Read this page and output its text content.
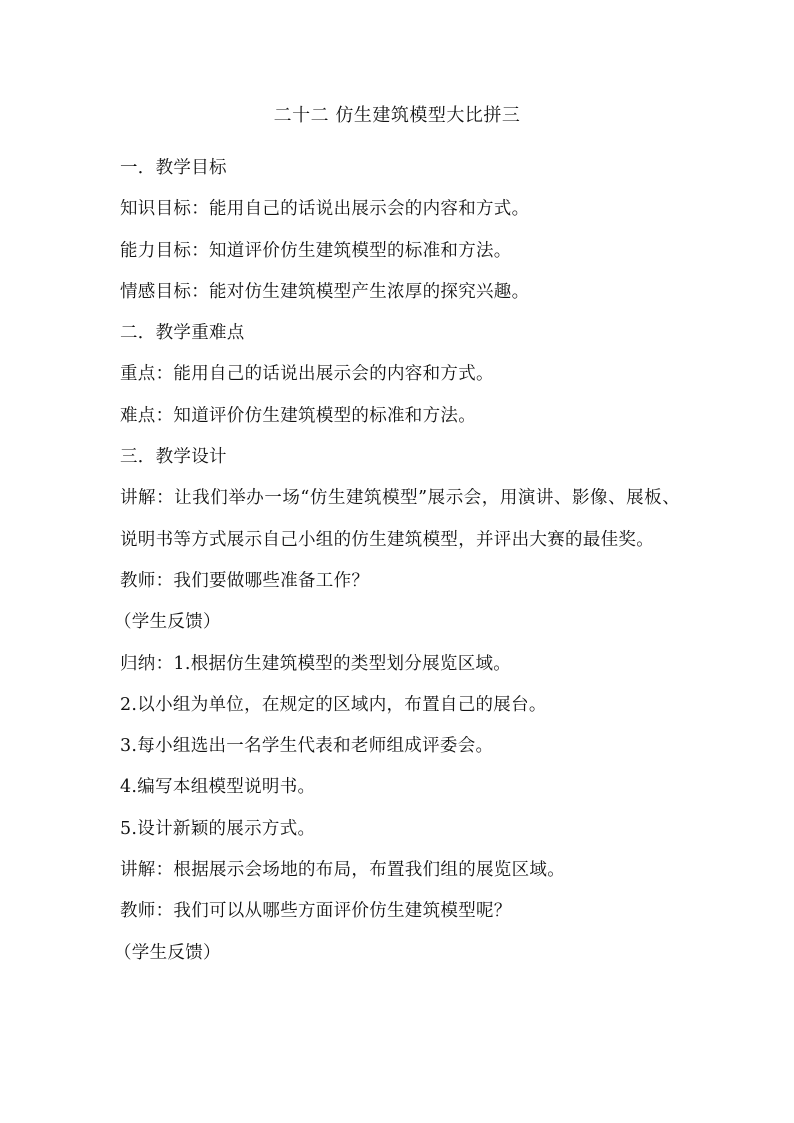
二十二 仿生建筑模型大比拼三

一．教学目标

知识目标：能用自己的话说出展示会的内容和方式。

能力目标：知道评价仿生建筑模型的标准和方法。

情感目标：能对仿生建筑模型产生浓厚的探究兴趣。

二．教学重难点

重点：能用自己的话说出展示会的内容和方式。

难点：知道评价仿生建筑模型的标准和方法。

三．教学设计

讲解：让我们举办一场“仿生建筑模型”展示会，用演讲、影像、展板、说明书等方式展示自己小组的仿生建筑模型，并评出大赛的最佳奖。

教师：我们要做哪些准备工作？

（学生反馈）

归纳：1.根据仿生建筑模型的类型划分展览区域。

2.以小组为单位，在规定的区域内，布置自己的展台。

3.每小组选出一名学生代表和老师组成评委会。

4.编写本组模型说明书。

5.设计新颖的展示方式。

讲解：根据展示会场地的布局，布置我们组的展览区域。

教师：我们可以从哪些方面评价仿生建筑模型呢？

（学生反馈）
